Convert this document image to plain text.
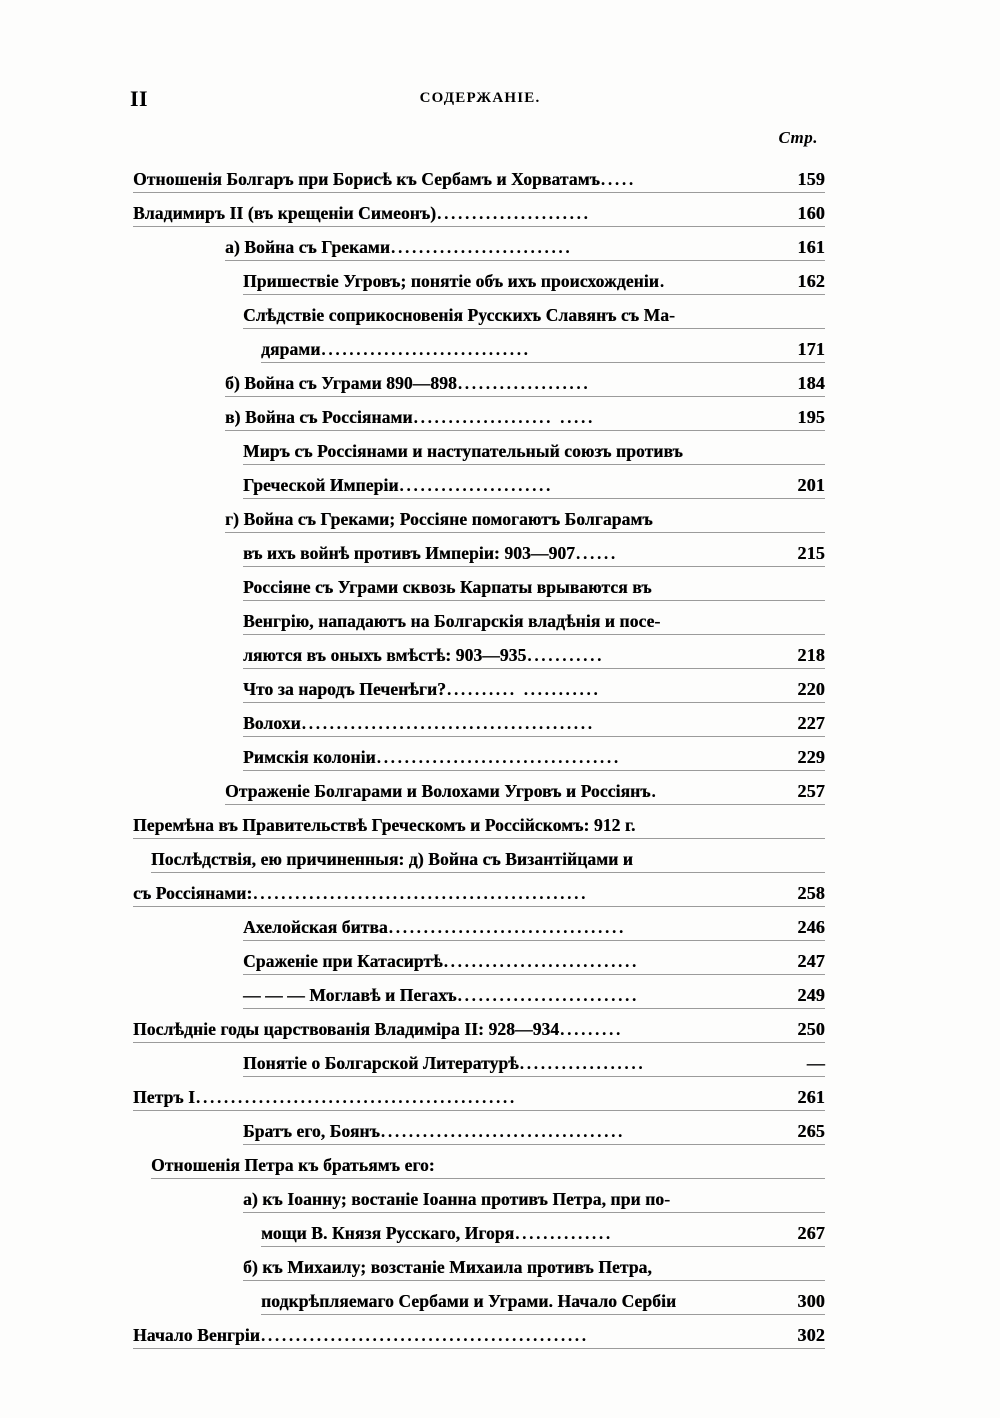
II	СОДЕРЖАНІЕ.
Стр.
Отношенія Болгаръ при Борисѣ къ Сербамъ и Хорватамъ .....	159
Владимиръ II (въ крещеніи Симеонъ) ......................	160
а) Война съ Греками ..........................	161
Пришествіе Угровъ; понятіе объ ихъ происхожденіи .	162
Слѣдствіе соприкосновенія Русскихъ Славянъ съ Ма-
дярами ..............................	171
б) Война съ Уграми 890—898 ...................	184
в) Война съ Россіянами .................... .....	195
Миръ съ Россіянами и наступательный союзъ противъ
Греческой Имперіи ......................	201
г) Война съ Греками; Россіяне помогаютъ Болгарамъ
въ ихъ войнѣ противъ Имперіи: 903—907 ......	215
Россіяне съ Уграми сквозь Карпаты врываются въ
Венгрію, нападаютъ на Болгарскія владѣнія и посе-
ляются въ оныхъ вмѣстѣ: 903—935 ...........	218
Что за народъ Печенѣги? .......... ...........	220
Волохи ..........................................	227
Римскія колоніи ...................................	229
Отраженіе Болгарами и Волохами Угровъ и Россіянъ .	257
Перемѣна въ Правительствѣ Греческомъ и Россійскомъ: 912 г.
Послѣдствія, ею причиненныя: д) Война съ Византійцами и
съ Россіянами: ................................................	258
Ахелойская битва ..................................	246
Сраженіе при Катасиртѣ ............................	247
— — — Моглавѣ и Пегахъ ..........................	249
Послѣдніе годы царствованія Владиміра II: 928—934 .........	250
Понятіе о Болгарской Литературѣ ..................	—
Петръ I ..............................................	261
Братъ его, Боянъ ...................................	265
Отношенія Петра къ братьямъ его:
а) къ Іоанну; востаніе Іоанна противъ Петра, при по-
мощи В. Князя Русскаго, Игоря ..............	267
б) къ Михаилу; возстаніе Михаила противъ Петра,
подкрѣпляемаго Сербами и Уграми. Начало Сербіи	300
Начало Венгріи ...............................................	302
